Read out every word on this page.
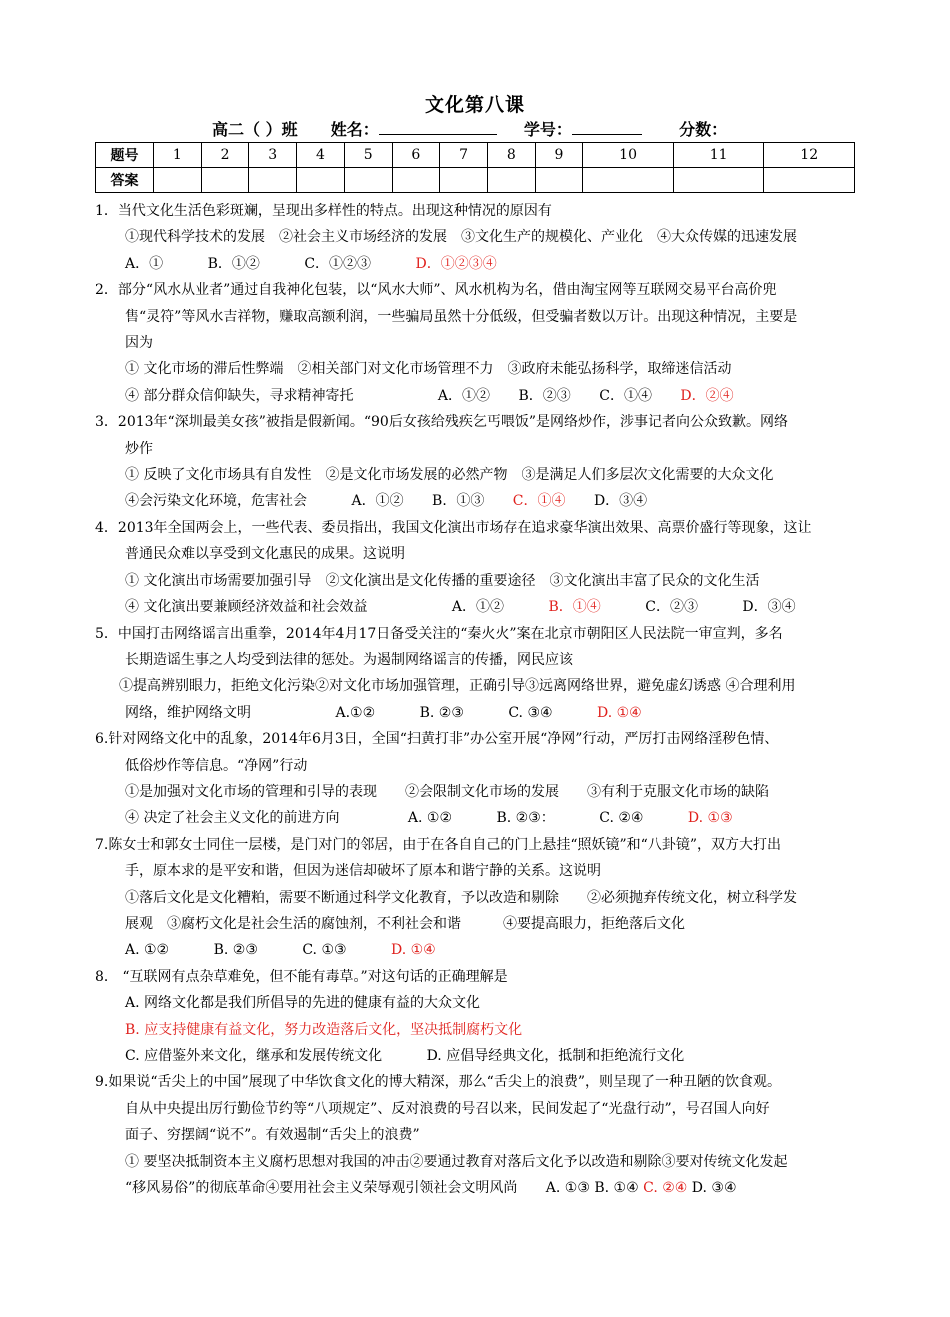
文化第八课
高二（ ）班 姓名：	学号：	分数：
题号	1	2	3	4	5	6	7	8	9	10	11	12
答案												

1．当代文化生活色彩斑斓，呈现出多样性的特点。出现这种情况的原因有

①现代科学技术的发展　②社会主义市场经济的发展　③文化生产的规模化、产业化　④大众传媒的迅速发展

A．①	B．①②	C．①②③	D．①②③④

2．部分“风水从业者”通过自我神化包装，以“风水大师”、风水机构为名，借由淘宝网等互联网交易平台高价兜

售“灵符”等风水吉祥物，赚取高额利润，一些骗局虽然十分低级，但受骗者数以万计。出现这种情况，主要是

因为

① 文化市场的滞后性弊端　②相关部门对文化市场管理不力　③政府未能弘扬科学，取缔迷信活动

④ 部分群众信仰缺失，寻求精神寄托	A．①② B．②③ C．①④ D．②④

3．2013年“深圳最美女孩”被指是假新闻。“90后女孩给残疾乞丐喂饭”是网络炒作，涉事记者向公众致歉。网络

炒作

① 反映了文化市场具有自发性　②是文化市场发展的必然产物　③是满足人们多层次文化需要的大众文化

④会污染文化环境，危害社会	A．①② B．①③ C．①④ D．③④

4．2013年全国两会上，一些代表、委员指出，我国文化演出市场存在追求豪华演出效果、高票价盛行等现象，这让

普通民众难以享受到文化惠民的成果。这说明

① 文化演出市场需要加强引导　②文化演出是文化传播的重要途径　③文化演出丰富了民众的文化生活

④ 文化演出要兼顾经济效益和社会效益	A．①②	B．①④	C．②③	D．③④

5．中国打击网络谣言出重拳，2014年4月17日备受关注的“秦火火”案在北京市朝阳区人民法院一审宣判，多名

长期造谣生事之人均受到法律的惩处。为遏制网络谣言的传播，网民应该

①提高辨别眼力，拒绝文化污染②对文化市场加强管理，正确引导③远离网络世界，避免虚幻诱惑 ④合理利用

网络，维护网络文明	A.①②	B. ②③	C. ③④	D. ①④

6.针对网络文化中的乱象，2014年6月3日，全国“扫黄打非”办公室开展“净网”行动，严厉打击网络淫秽色情、

低俗炒作等信息。“净网”行动

①是加强对文化市场的管理和引导的表现　　②会限制文化市场的发展　　③有利于克服文化市场的缺陷

④ 决定了社会主义文化的前进方向	A. ①②	B. ②③：	C. ②④	D. ①③

7.陈女士和郭女士同住一层楼，是门对门的邻居，由于在各自自己的门上悬挂“照妖镜”和“八卦镜”，双方大打出

手，原本求的是平安和谐，但因为迷信却破坏了原本和谐宁静的关系。这说明

①落后文化是文化糟粕，需要不断通过科学文化教育，予以改造和剔除　　②必须抛弃传统文化，树立科学发

展观　③腐朽文化是社会生活的腐蚀剂，不利社会和谐　　　④要提高眼力，拒绝落后文化

A. ①②	B. ②③	C. ①③	D. ①④

8． “互联网有点杂草难免，但不能有毒草。”对这句话的正确理解是

A. 网络文化都是我们所倡导的先进的健康有益的大众文化

B. 应支持健康有益文化，努力改造落后文化，坚决抵制腐朽文化

C. 应借鉴外来文化，继承和发展传统文化	D. 应倡导经典文化，抵制和拒绝流行文化

9.如果说“舌尖上的中国”展现了中华饮食文化的博大精深，那么“舌尖上的浪费”，则呈现了一种丑陋的饮食观。

自从中央提出厉行勤俭节约等“八项规定”、反对浪费的号召以来，民间发起了“光盘行动”，号召国人向好

面子、穷摆阔“说不”。有效遏制“舌尖上的浪费”

① 要坚决抵制资本主义腐朽思想对我国的冲击②要通过教育对落后文化予以改造和剔除③要对传统文化发起

“移风易俗”的彻底革命④要用社会主义荣辱观引领社会文明风尚 A. ①③ B. ①④ C. ②④ D. ③④
